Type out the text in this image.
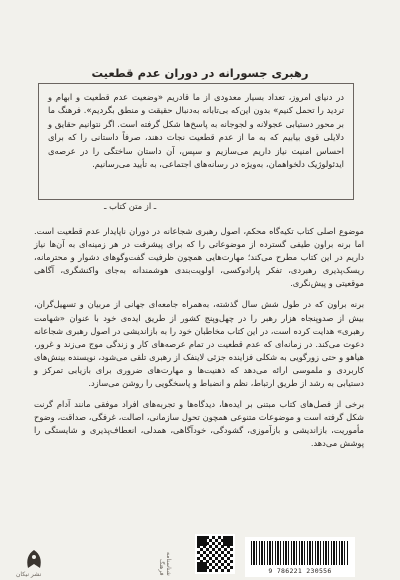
رهبری جسورانه در دوران عدم قطعیت

در دنیای امروز، تعداد بسیار معدودی از ما قادریم «وضعیت عدم قطعیت و ابهام و تردید را تحمل کنیم» بدون این‌که بی‌تابانه به‌دنبال حقیقت و منطق بگردیم». فرهنگ ما بر محور دستیابی عجولانه و لجوجانه به پاسخ‌ها شکل گرفته است. اگر نتوانیم حقایق و دلایلی قوی بیابیم که به ما از عدم قطعیت نجات دهند، صرفاً داستانی را که برای احساس امنیت نیاز داریم می‌سازیم و سپس، آن داستان ساختگی را در عرصه‌ی ایدئولوژیک دلخواهمان، به‌ویژه در رسانه‌های اجتماعی، به تأیید می‌رسانیم.

ـ از متن کتاب ـ

موضوع اصلی کتاب تکیه‌گاه محکم، اصول رهبری شجاعانه در دوران ناپایدار عدم قطعیت است. اما برنه براون طیفی گسترده از موضوعاتی را که برای پیشرفت در هر زمینه‌ای به آن‌ها نیاز داریم در این کتاب مطرح می‌کند؛ مهارت‌هایی همچون ظرفیت گفت‌وگوهای دشوار و محترمانه، ریسک‌پذیری رهبردی، تفکر پارادوکسی، اولویت‌بندی هوشمندانه به‌جای واکنشگری، آگاهی موقعیتی و پیش‌نگری.

برنه براون که در طول شش سال گذشته، به‌همراه جامعه‌ای جهانی از مربیان و تسهیل‌گران، بیش از صدوپنجاه هزار رهبر را در چهل‌وپنج کشور از طریق ایده‌ی خود با عنوان «شهامت رهبری» هدایت کرده است، در این کتاب مخاطبان خود را به بازاندیشی در اصول رهبری شجاعانه دعوت می‌کند. در زمانه‌ای که عدم قطعیت در تمام عرصه‌های کار و زندگی موج می‌زند و غرور، هیاهو و حتی زورگویی به شکلی فزاینده جزئی لاینفک از رهبری تلقی می‌شود، نویسنده بینش‌های کاربردی و ملموسی ارائه می‌دهد که ذهنیت‌ها و مهارت‌های ضروری برای بازیابی تمرکز و دستیابی به رشد از طریق ارتباط، نظم و انضباط و پاسخگویی را روشن می‌سازد.

برخی از فصل‌های کتاب مبتنی بر ایده‌ها، دیدگاه‌ها و تجربه‌های افراد موفقی مانند آدام گرنت شکل گرفته است و موضوعات متنوعی همچون تحول سازمانی، اصالت، غرفگی، صداقت، وضوح مأموریت، بازاندیشی و بازآموزی، گشودگی، خودآگاهی، همدلی، انعطاف‌پذیری و شایستگی را پوشش می‌دهد.

9 786221 230556
شناسنامه فرهنگ
نشر نیکان
